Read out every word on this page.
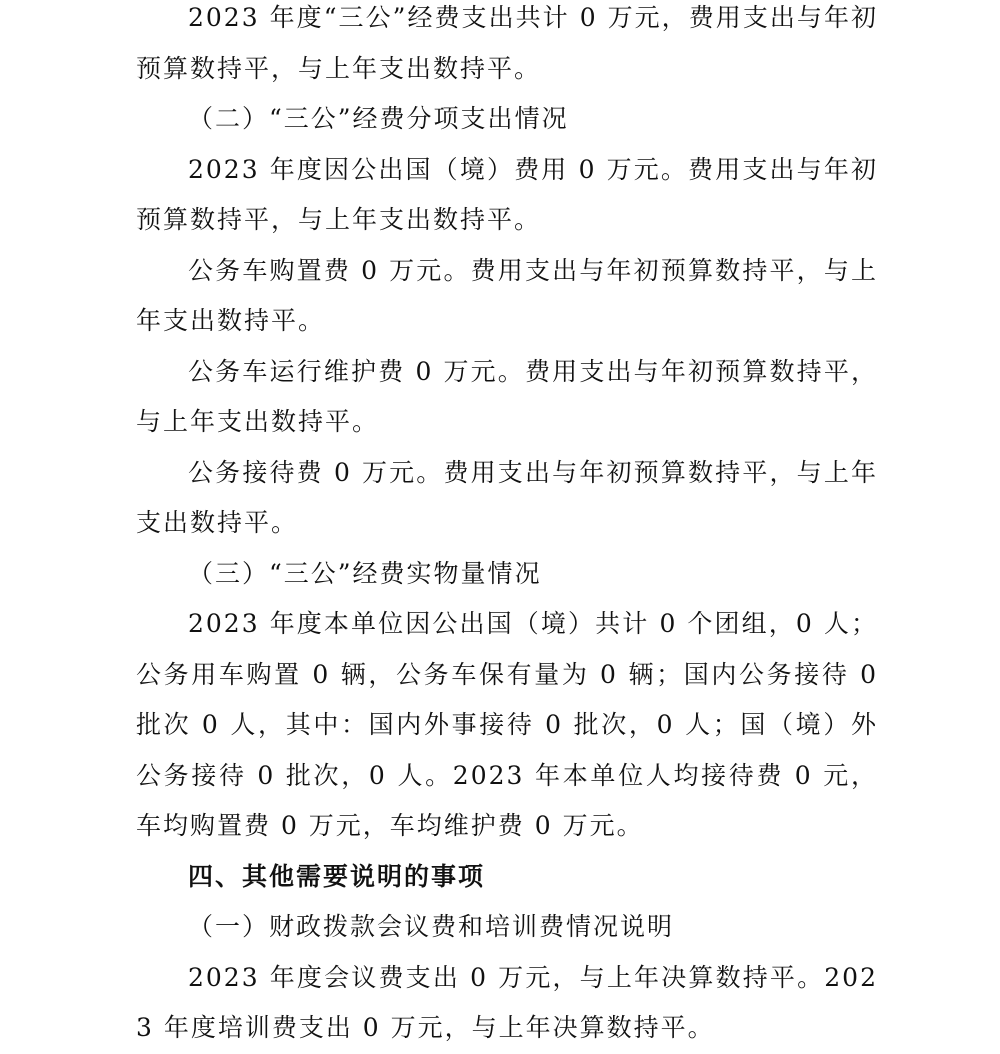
2023 年度“三公”经费支出共计 0 万元，费用支出与年初预算数持平，与上年支出数持平。

（二）“三公”经费分项支出情况

2023 年度因公出国（境）费用 0 万元。费用支出与年初预算数持平，与上年支出数持平。

公务车购置费 0 万元。费用支出与年初预算数持平，与上年支出数持平。

公务车运行维护费 0 万元。费用支出与年初预算数持平，与上年支出数持平。

公务接待费 0 万元。费用支出与年初预算数持平，与上年支出数持平。

（三）“三公”经费实物量情况

2023 年度本单位因公出国（境）共计 0 个团组，0 人；公务用车购置 0 辆，公务车保有量为 0 辆；国内公务接待 0 批次 0 人，其中：国内外事接待 0 批次，0 人；国（境）外公务接待 0 批次，0 人。2023 年本单位人均接待费 0 元，车均购置费 0 万元，车均维护费 0 万元。

四、其他需要说明的事项

（一）财政拨款会议费和培训费情况说明

2023 年度会议费支出 0 万元，与上年决算数持平。2023 年度培训费支出 0 万元，与上年决算数持平。
